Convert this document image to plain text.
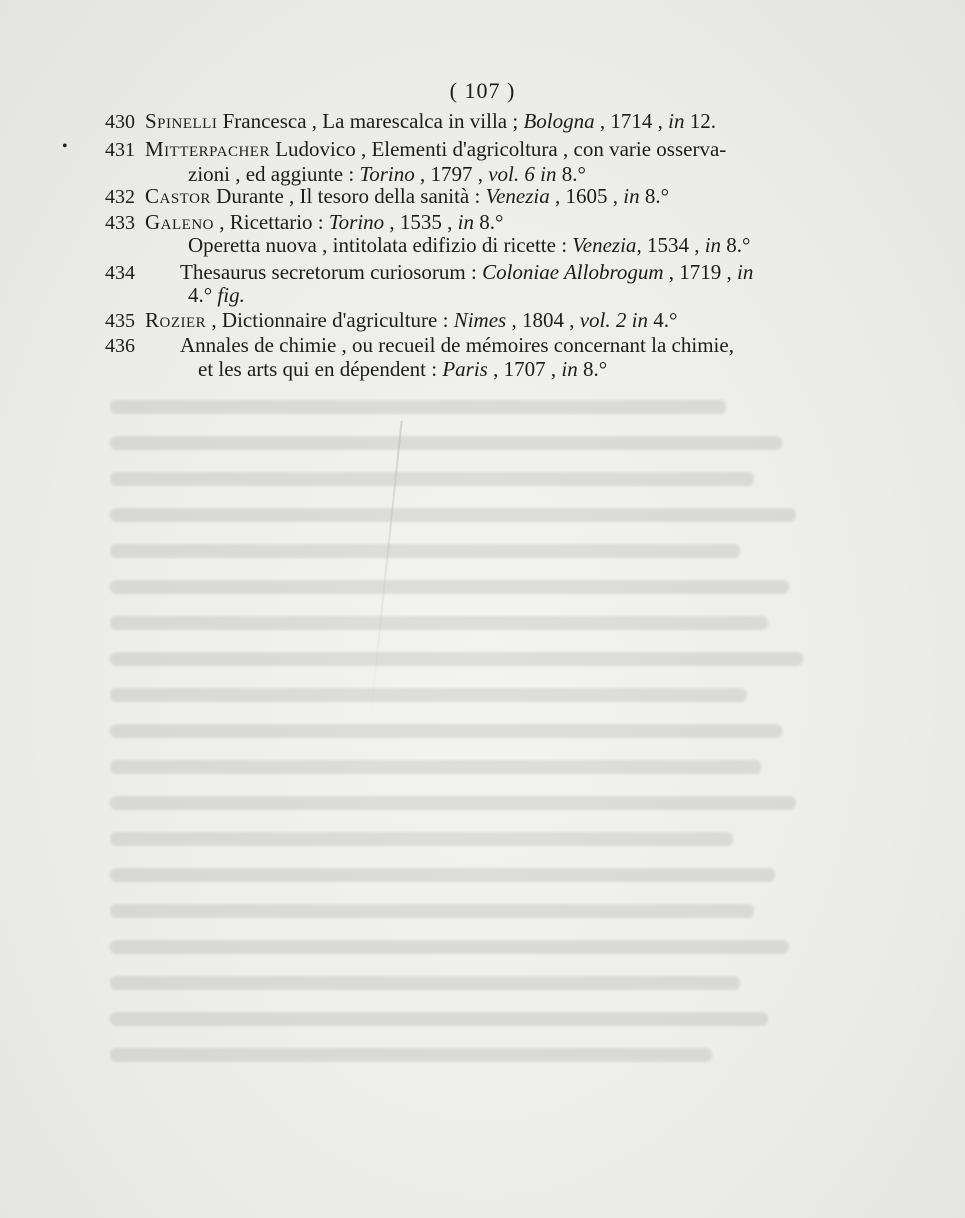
( 107 )
•
430 Spinelli Francesca , La marescalca in villa ; Bologna , 1714 , in 12.
431 Mitterpacher Ludovico , Elementi d'agricoltura , con varie osserva-
zioni , ed aggiunte : Torino , 1797 , vol. 6 in 8.°
432 Castor Durante , Il tesoro della sanità : Venezia , 1605 , in 8.°
433 Galeno , Ricettario : Torino , 1535 , in 8.°
Operetta nuova , intitolata edifizio di ricette : Venezia, 1534 , in 8.°
434 Thesaurus secretorum curiosorum : Coloniae Allobrogum , 1719 , in
4.° fig.
435 Rozier , Dictionnaire d'agriculture : Nimes , 1804 , vol. 2 in 4.°
436 Annales de chimie , ou recueil de mémoires concernant la chimie,
et les arts qui en dépendent : Paris , 1707 , in 8.°
